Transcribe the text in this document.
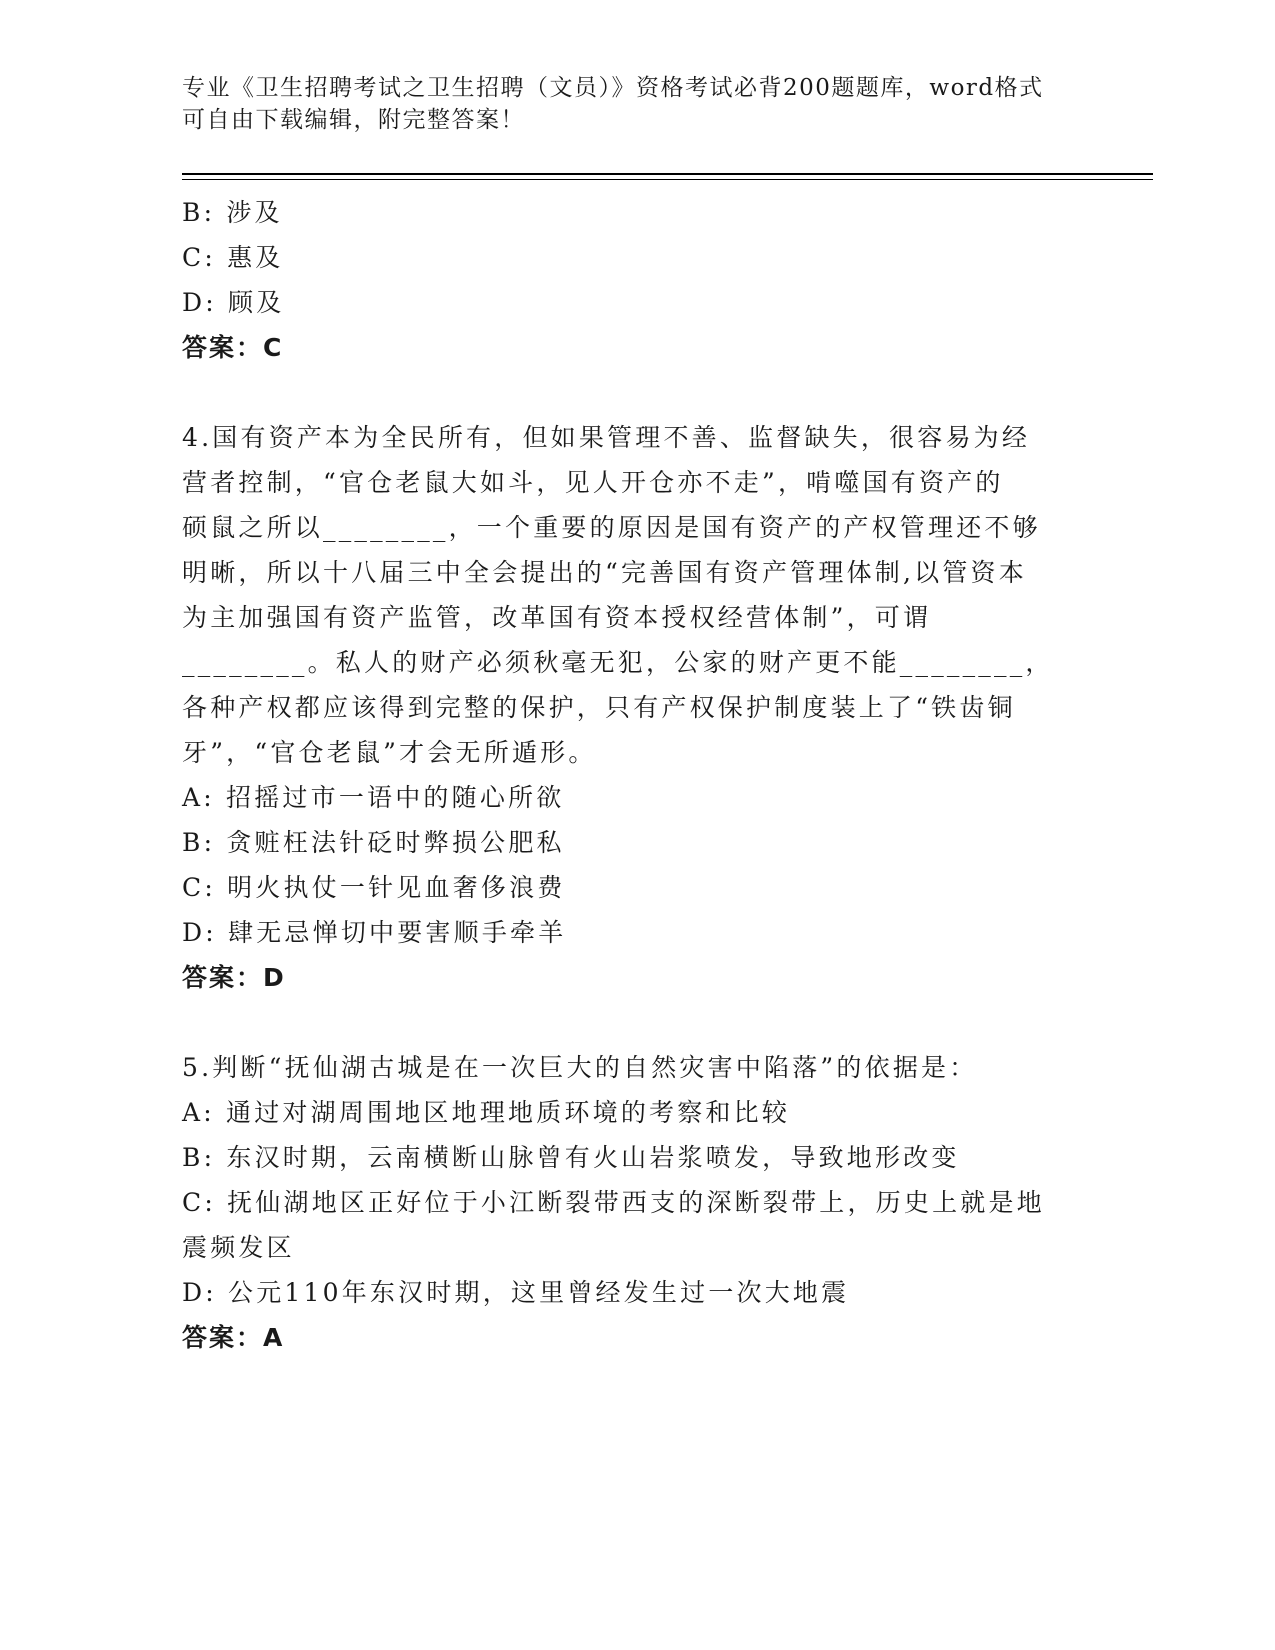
专业《卫生招聘考试之卫生招聘（文员）》资格考试必背200题题库，word格式
可自由下载编辑，附完整答案！
B: 涉及
C: 惠及
D: 顾及
答案：C
4.国有资产本为全民所有，但如果管理不善、监督缺失，很容易为经
营者控制，“官仓老鼠大如斗，见人开仓亦不走”，啃噬国有资产的
硕鼠之所以________，一个重要的原因是国有资产的产权管理还不够
明晰，所以十八届三中全会提出的“完善国有资产管理体制,以管资本
为主加强国有资产监管，改革国有资本授权经营体制”，可谓
________。私人的财产必须秋毫无犯，公家的财产更不能________，
各种产权都应该得到完整的保护，只有产权保护制度装上了“铁齿铜
牙”，“官仓老鼠”才会无所遁形。
A: 招摇过市一语中的随心所欲
B: 贪赃枉法针砭时弊损公肥私
C: 明火执仗一针见血奢侈浪费
D: 肆无忌惮切中要害顺手牵羊
答案：D
5.判断“抚仙湖古城是在一次巨大的自然灾害中陷落”的依据是：
A: 通过对湖周围地区地理地质环境的考察和比较
B: 东汉时期，云南横断山脉曾有火山岩浆喷发，导致地形改变
C: 抚仙湖地区正好位于小江断裂带西支的深断裂带上，历史上就是地
震频发区
D: 公元110年东汉时期，这里曾经发生过一次大地震
答案：A
